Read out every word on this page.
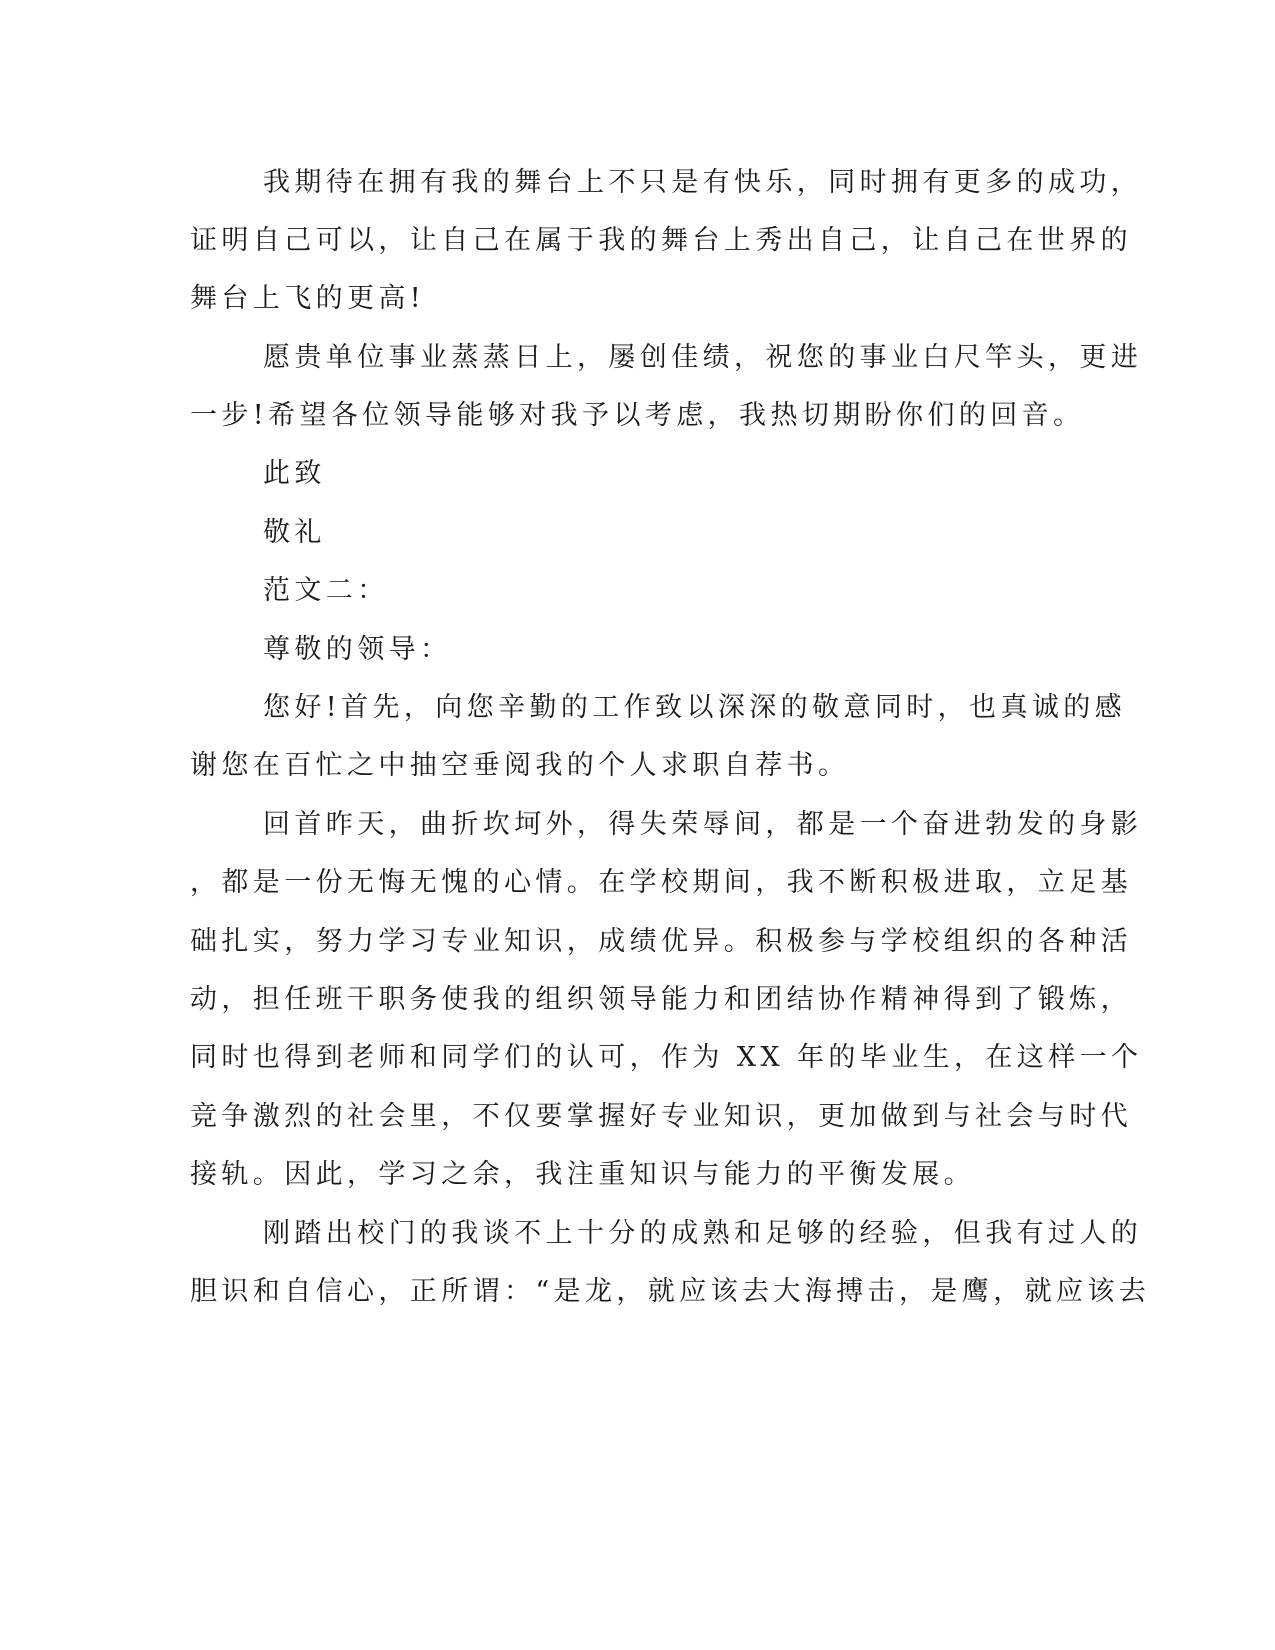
我期待在拥有我的舞台上不只是有快乐，同时拥有更多的成功，
证明自己可以，让自己在属于我的舞台上秀出自己，让自己在世界的
舞台上飞的更高!
愿贵单位事业蒸蒸日上，屡创佳绩，祝您的事业白尺竿头，更进
一步!希望各位领导能够对我予以考虑，我热切期盼你们的回音。
此致
敬礼
范文二：
尊敬的领导：
您好!首先，向您辛勤的工作致以深深的敬意同时，也真诚的感
谢您在百忙之中抽空垂阅我的个人求职自荐书。
回首昨天，曲折坎坷外，得失荣辱间，都是一个奋进勃发的身影
，都是一份无悔无愧的心情。在学校期间，我不断积极进取，立足基
础扎实，努力学习专业知识，成绩优异。积极参与学校组织的各种活
动，担任班干职务使我的组织领导能力和团结协作精神得到了锻炼，
同时也得到老师和同学们的认可，作为 XX 年的毕业生，在这样一个
竞争激烈的社会里，不仅要掌握好专业知识，更加做到与社会与时代
接轨。因此，学习之余，我注重知识与能力的平衡发展。
刚踏出校门的我谈不上十分的成熟和足够的经验，但我有过人的
胆识和自信心，正所谓：“是龙，就应该去大海搏击，是鹰，就应该去
